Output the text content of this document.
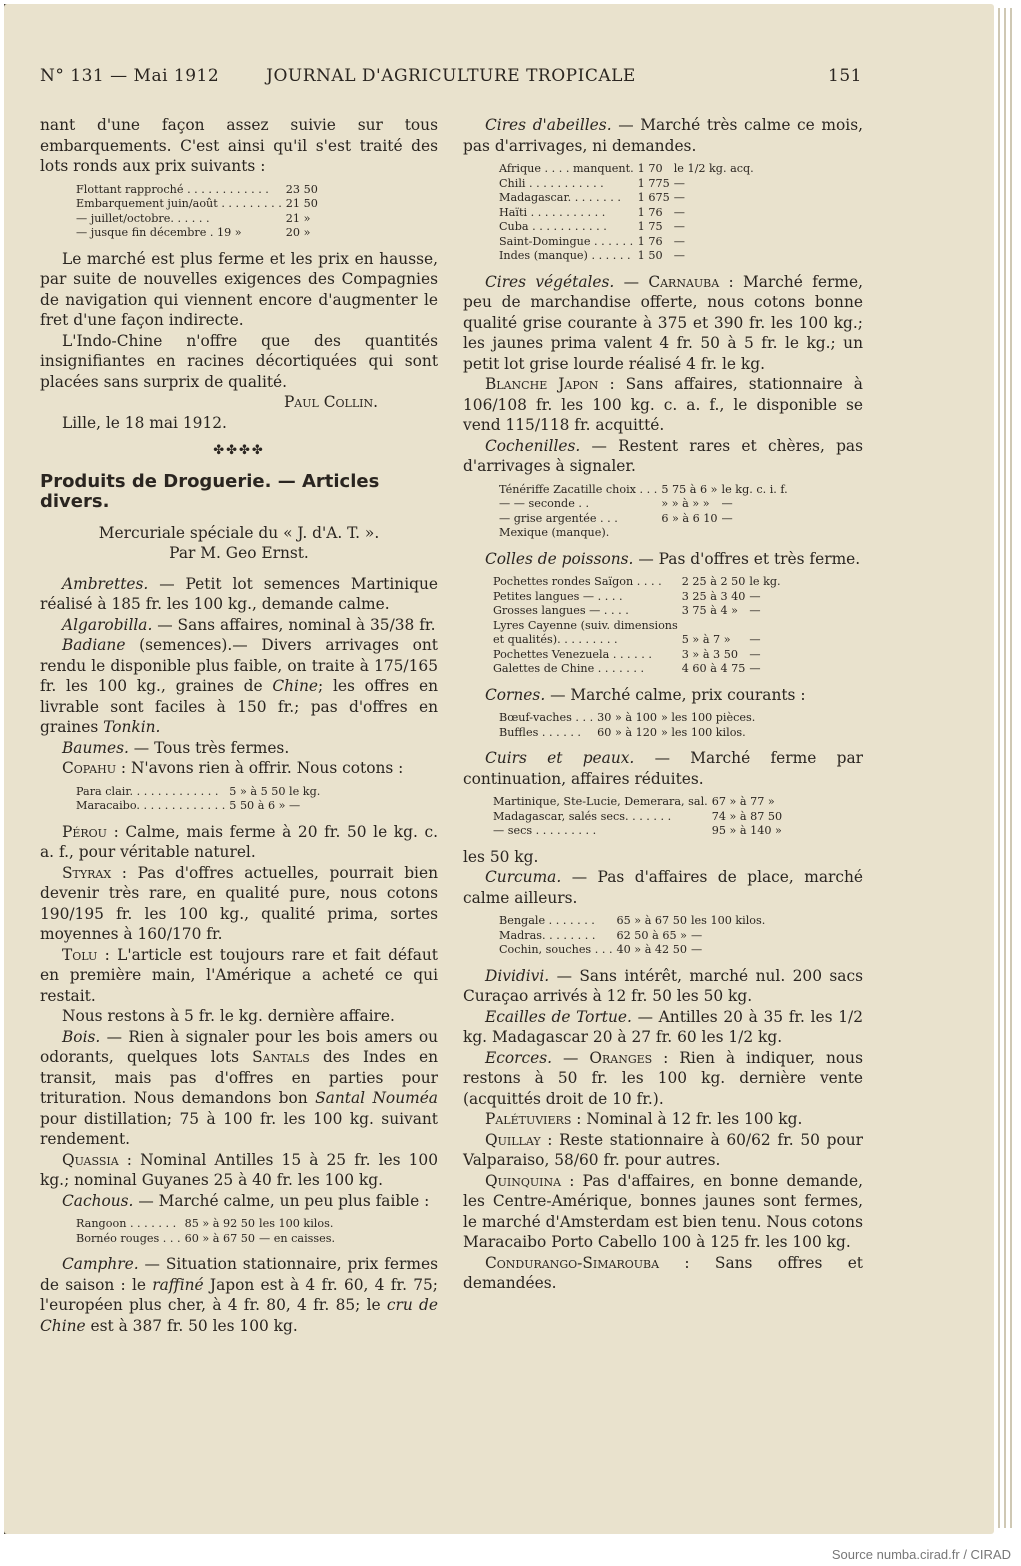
N° 131 — Mai 1912	JOURNAL D'AGRICULTURE TROPICALE	151

nant d'une façon assez suivie sur tous embarquements. C'est ainsi qu'il s'est traité des lots ronds aux prix suivants :

Flottant rapproché . . . . . . . . . . . .	23 50
Embarquement juin/août . . . . . . . . .	21 50
— juillet/octobre. . . . . .	21 »
— jusque fin décembre . 19 »	20 »

Le marché est plus ferme et les prix en hausse, par suite de nouvelles exigences des Compagnies de navigation qui viennent encore d'augmenter le fret d'une façon indirecte.

L'Indo-Chine n'offre que des quantités insignifiantes en racines décortiquées qui sont placées sans surprix de qualité.

Paul Collin.

Lille, le 18 mai 1912.

✤✤✤✤
Produits de Droguerie. — Articles divers.

Mercuriale spéciale du « J. d'A. T. ».

Par M. Geo Ernst.

Ambrettes. — Petit lot semences Martinique réalisé à 185 fr. les 100 kg., demande calme.

Algarobilla. — Sans affaires, nominal à 35/38 fr.

Badiane (semences).— Divers arrivages ont rendu le disponible plus faible, on traite à 175/165 fr. les 100 kg., graines de Chine; les offres en livrable sont faciles à 150 fr.; pas d'offres en graines Tonkin.

Baumes. — Tous très fermes.

Copahu : N'avons rien à offrir. Nous cotons :

Para clair. . . . . . . . . . . . .	5 » à 5 50 le kg.
Maracaibo. . . . . . . . . . . . .	5 50 à 6 » —

Pérou : Calme, mais ferme à 20 fr. 50 le kg. c. a. f., pour véritable naturel.

Styrax : Pas d'offres actuelles, pourrait bien devenir très rare, en qualité pure, nous cotons 190/195 fr. les 100 kg., qualité prima, sortes moyennes à 160/170 fr.

Tolu : L'article est toujours rare et fait défaut en première main, l'Amérique a acheté ce qui restait.

Nous restons à 5 fr. le kg. dernière affaire.

Bois. — Rien à signaler pour les bois amers ou odorants, quelques lots Santals des Indes en transit, mais pas d'offres en parties pour trituration. Nous demandons bon Santal Nouméa pour distillation; 75 à 100 fr. les 100 kg. suivant rendement.

Quassia : Nominal Antilles 15 à 25 fr. les 100 kg.; nominal Guyanes 25 à 40 fr. les 100 kg.

Cachous. — Marché calme, un peu plus faible :

Rangoon . . . . . . .	85 » à 92 50	les 100 kilos.
Bornéo rouges . . .	60 » à 67 50	— en caisses.

Camphre. — Situation stationnaire, prix fermes de saison : le raffiné Japon est à 4 fr. 60, 4 fr. 75; l'européen plus cher, à 4 fr. 80, 4 fr. 85; le cru de Chine est à 387 fr. 50 les 100 kg.

Cires d'abeilles. — Marché très calme ce mois, pas d'arrivages, ni demandes.

Afrique . . . . manquent.	1 70	le 1/2 kg. acq.
Chili . . . . . . . . . . .	1 775	—
Madagascar. . . . . . . .	1 675	—
Haïti . . . . . . . . . . .	1 76	—
Cuba . . . . . . . . . . .	1 75	—
Saint-Domingue . . . . . .	1 76	—
Indes (manque) . . . . . .	1 50	—

Cires végétales. — Carnauba : Marché ferme, peu de marchandise offerte, nous cotons bonne qualité grise courante à 375 et 390 fr. les 100 kg.; les jaunes prima valent 4 fr. 50 à 5 fr. le kg.; un petit lot grise lourde réalisé 4 fr. le kg.

Blanche Japon : Sans affaires, stationnaire à 106/108 fr. les 100 kg. c. a. f., le disponible se vend 115/118 fr. acquitté.

Cochenilles. — Restent rares et chères, pas d'arrivages à signaler.

Ténériffe Zacatille choix . . .	5 75 à 6 »	le kg. c. i. f.
— — seconde . .	» » à » »	—
— grise argentée . . .	6 » à 6 10	—
Mexique (manque).		

Colles de poissons. — Pas d'offres et très ferme.

Pochettes rondes Saïgon . . . .	2 25 à 2 50	le kg.
Petites langues — . . . .	3 25 à 3 40	—
Grosses langues — . . . .	3 75 à 4 »	—
Lyres Cayenne (suiv. dimensions		
et qualités). . . . . . . . .	5 » à 7 »	—
Pochettes Venezuela . . . . . .	3 » à 3 50	—
Galettes de Chine . . . . . . .	4 60 à 4 75	—

Cornes. — Marché calme, prix courants :

Bœuf-vaches . . .	30 » à 100	» les 100 pièces.
Buffles . . . . . .	60 » à 120	» les 100 kilos.

Cuirs et peaux. — Marché ferme par continuation, affaires réduites.

Martinique, Ste-Lucie, Demerara, sal.	67 » à 77 »
Madagascar, salés secs. . . . . . .	74 » à 87 50
— secs . . . . . . . . .	95 » à 140 »

les 50 kg.

Curcuma. — Pas d'affaires de place, marché calme ailleurs.

Bengale . . . . . . .	65 » à 67 50	les 100 kilos.
Madras. . . . . . . .	62 50 à 65 »	—
Cochin, souches . . .	40 » à 42 50	—

Dividivi. — Sans intérêt, marché nul. 200 sacs Curaçao arrivés à 12 fr. 50 les 50 kg.

Ecailles de Tortue. — Antilles 20 à 35 fr. les 1/2 kg. Madagascar 20 à 27 fr. 60 les 1/2 kg.

Ecorces. — Oranges : Rien à indiquer, nous restons à 50 fr. les 100 kg. dernière vente (acquittés droit de 10 fr.).

Palétuviers : Nominal à 12 fr. les 100 kg.

Quillay : Reste stationnaire à 60/62 fr. 50 pour Valparaiso, 58/60 fr. pour autres.

Quinquina : Pas d'affaires, en bonne demande, les Centre-Amérique, bonnes jaunes sont fermes, le marché d'Amsterdam est bien tenu. Nous cotons Maracaibo Porto Cabello 100 à 125 fr. les 100 kg.

Condurango-Simarouba : Sans offres et demandées.

Source numba.cirad.fr / CIRAD
